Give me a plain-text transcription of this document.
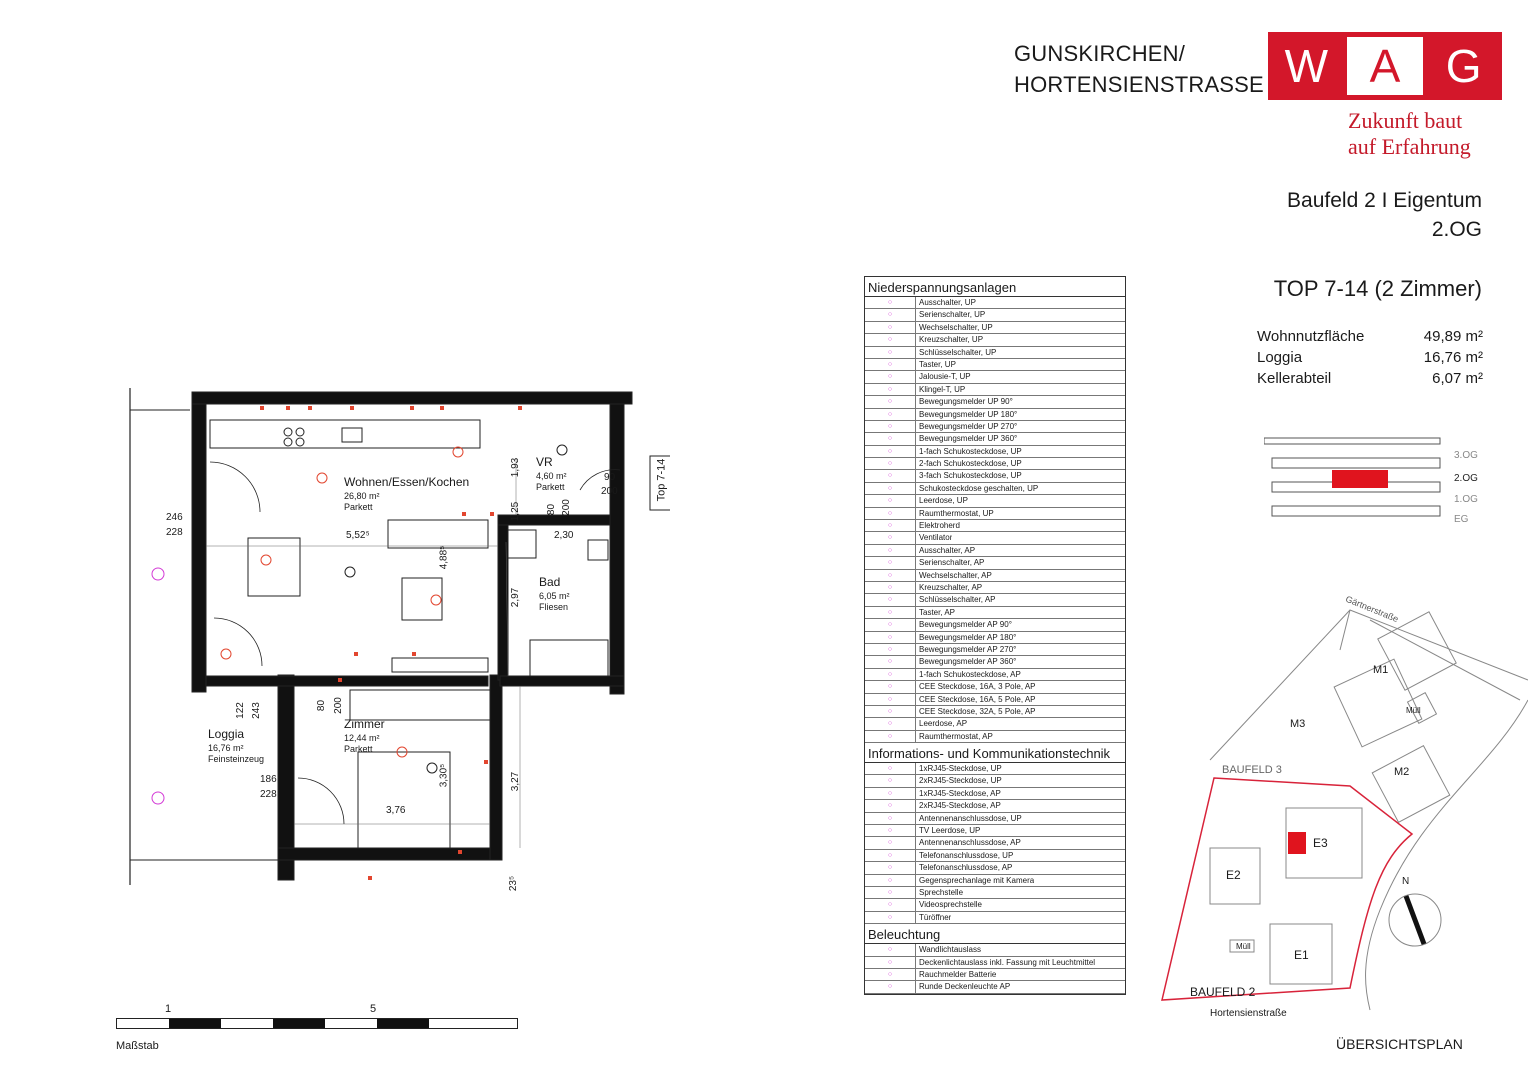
GUNSKIRCHEN/
HORTENSIENSTRASSE W A G
Zukunft baut
auf Erfahrung
Baufeld 2 I Eigentum
2.OG
TOP 7-14 (2 Zimmer)
Wohnnutzfläche	49,89 m²
Loggia	16,76 m²
Kellerabteil	6,07 m²
3.OG
2.OG
1.OG
EG
Niederspannungsanlagen
○	Ausschalter, UP
○	Serienschalter, UP
○	Wechselschalter, UP
○	Kreuzschalter, UP
○	Schlüsselschalter, UP
○	Taster, UP
○	Jalousie-T, UP
○	Klingel-T, UP
○	Bewegungsmelder UP 90°
○	Bewegungsmelder UP 180°
○	Bewegungsmelder UP 270°
○	Bewegungsmelder UP 360°
○	1-fach Schukosteckdose, UP
○	2-fach Schukosteckdose, UP
○	3-fach Schukosteckdose, UP
○	Schukosteckdose geschalten, UP
○	Leerdose, UP
○	Raumthermostat, UP
○	Elektroherd
○	Ventilator
○	Ausschalter, AP
○	Serienschalter, AP
○	Wechselschalter, AP
○	Kreuzschalter, AP
○	Schlüsselschalter, AP
○	Taster, AP
○	Bewegungsmelder AP 90°
○	Bewegungsmelder AP 180°
○	Bewegungsmelder AP 270°
○	Bewegungsmelder AP 360°
○	1-fach Schukosteckdose, AP
○	CEE Steckdose, 16A, 3 Pole, AP
○	CEE Steckdose, 16A, 5 Pole, AP
○	CEE Steckdose, 32A, 5 Pole, AP
○	Leerdose, AP
○	Raumthermostat, AP
Informations- und Kommunikationstechnik
○	1xRJ45-Steckdose, UP
○	2xRJ45-Steckdose, UP
○	1xRJ45-Steckdose, AP
○	2xRJ45-Steckdose, AP
○	Antennenanschlussdose, UP
○	TV Leerdose, UP
○	Antennenanschlussdose, AP
○	Telefonanschlussdose, UP
○	Telefonanschlussdose, AP
○	Gegensprechanlage mit Kamera
○	Sprechstelle
○	Videosprechstelle
○	Türöffner
Beleuchtung
○	Wandlichtauslass
○	Deckenlichtauslass inkl. Fassung mit Leuchtmittel
○	Rauchmelder Batterie
○	Runde Deckenleuchte AP
Wohnen/Essen/Kochen
26,80 m²
Parkett
VR
4,60 m²
Parkett
Bad
6,05 m²
Fliesen
Zimmer
12,44 m²
Parkett
Loggia
16,76 m²
Feinsteinzeug
246
228	5,52⁵
4,88⁵
1,93
1,25 80 200
90
200
2,30
2,97
80 200
122 243
186
228
3,76
3,30⁵	3,27
23⁵
Top 7-14
1	5
Maßstab
Gärtnerstraße
Hortensienstraße
BAUFELD 3
BAUFELD 2
M1
M2
M3
E1
E2
E3
Müll
Müll
N
ÜBERSICHTSPLAN
